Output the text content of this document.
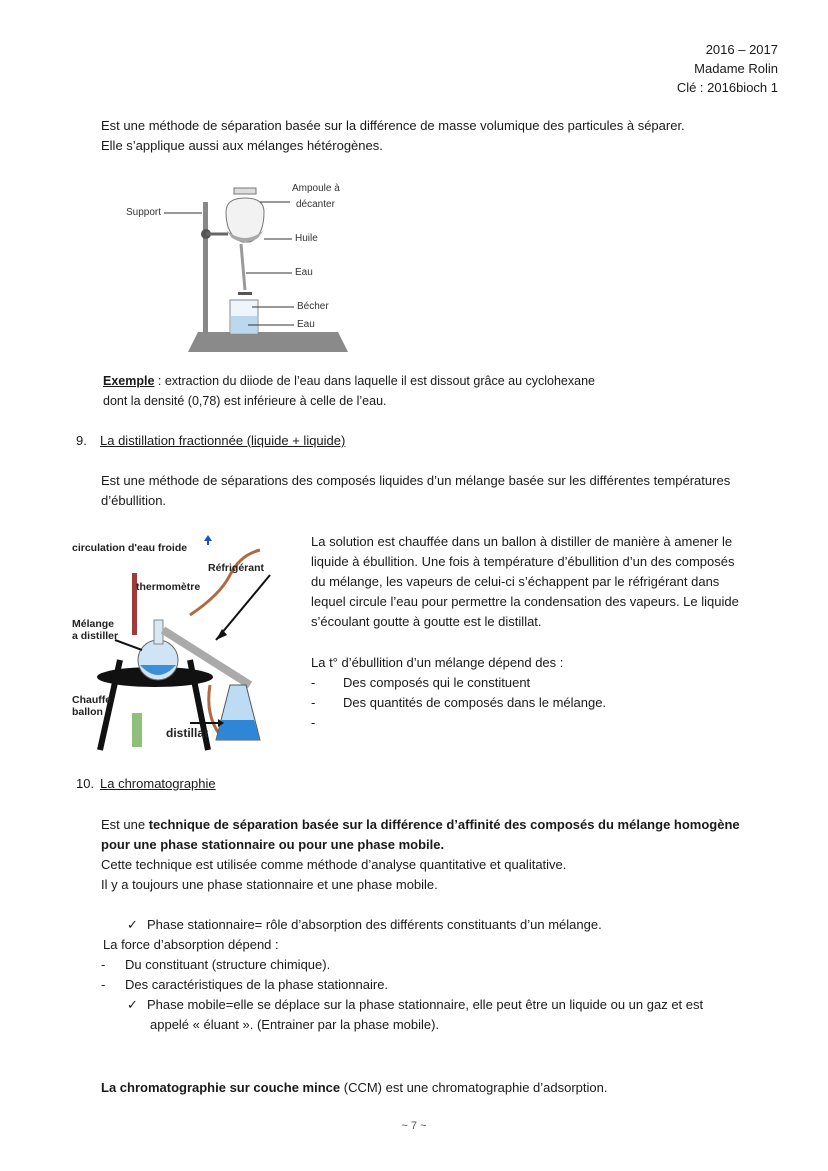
2016 – 2017
Madame Rolin
Clé : 2016bioch 1

Est une méthode de séparation basée sur la différence de masse volumique des particules à séparer.

Elle s’applique aussi aux mélanges hétérogènes.

Support
Ampoule à
décanter
Huile
Eau
Bécher
Eau

Exemple : extraction du diiode de l’eau dans laquelle il est dissout grâce au cyclohexane

dont la densité (0,78) est inférieure à celle de l’eau.

9. La distillation fractionnée (liquide + liquide)

Est une méthode de séparations des composés liquides d’un mélange basée sur les différentes températures

d’ébullition.

circulation d'eau froide
Réfrigérant
thermomètre
Mélange
a distiller
Chauffe
ballon
distillat

La solution est chauffée dans un ballon à distiller de manière à amener le

liquide à ébullition. Une fois à température d’ébullition d’un des composés

du mélange, les vapeurs de celui-ci s’échappent par le réfrigérant dans

lequel circule l’eau pour permettre la condensation des vapeurs. Le liquide

s’écoulant goutte à goutte est le distillat.

La t° d’ébullition d’un mélange dépend des :

- Des composés qui le constituent

- Des quantités de composés dans le mélange.

-

10. La chromatographie

Est une technique de séparation basée sur la différence d’affinité des composés du mélange homogène

pour une phase stationnaire ou pour une phase mobile.

Cette technique est utilisée comme méthode d’analyse quantitative et qualitative.

Il y a toujours une phase stationnaire et une phase mobile.

✓ Phase stationnaire= rôle d’absorption des différents constituants d’un mélange.
La force d’absorption dépend :
- Du constituant (structure chimique).
- Des caractéristiques de la phase stationnaire.

✓ Phase mobile=elle se déplace sur la phase stationnaire, elle peut être un liquide ou un gaz et est

appelé « éluant ». (Entrainer par la phase mobile).

La chromatographie sur couche mince (CCM) est une chromatographie d’adsorption.
~ 7 ~
